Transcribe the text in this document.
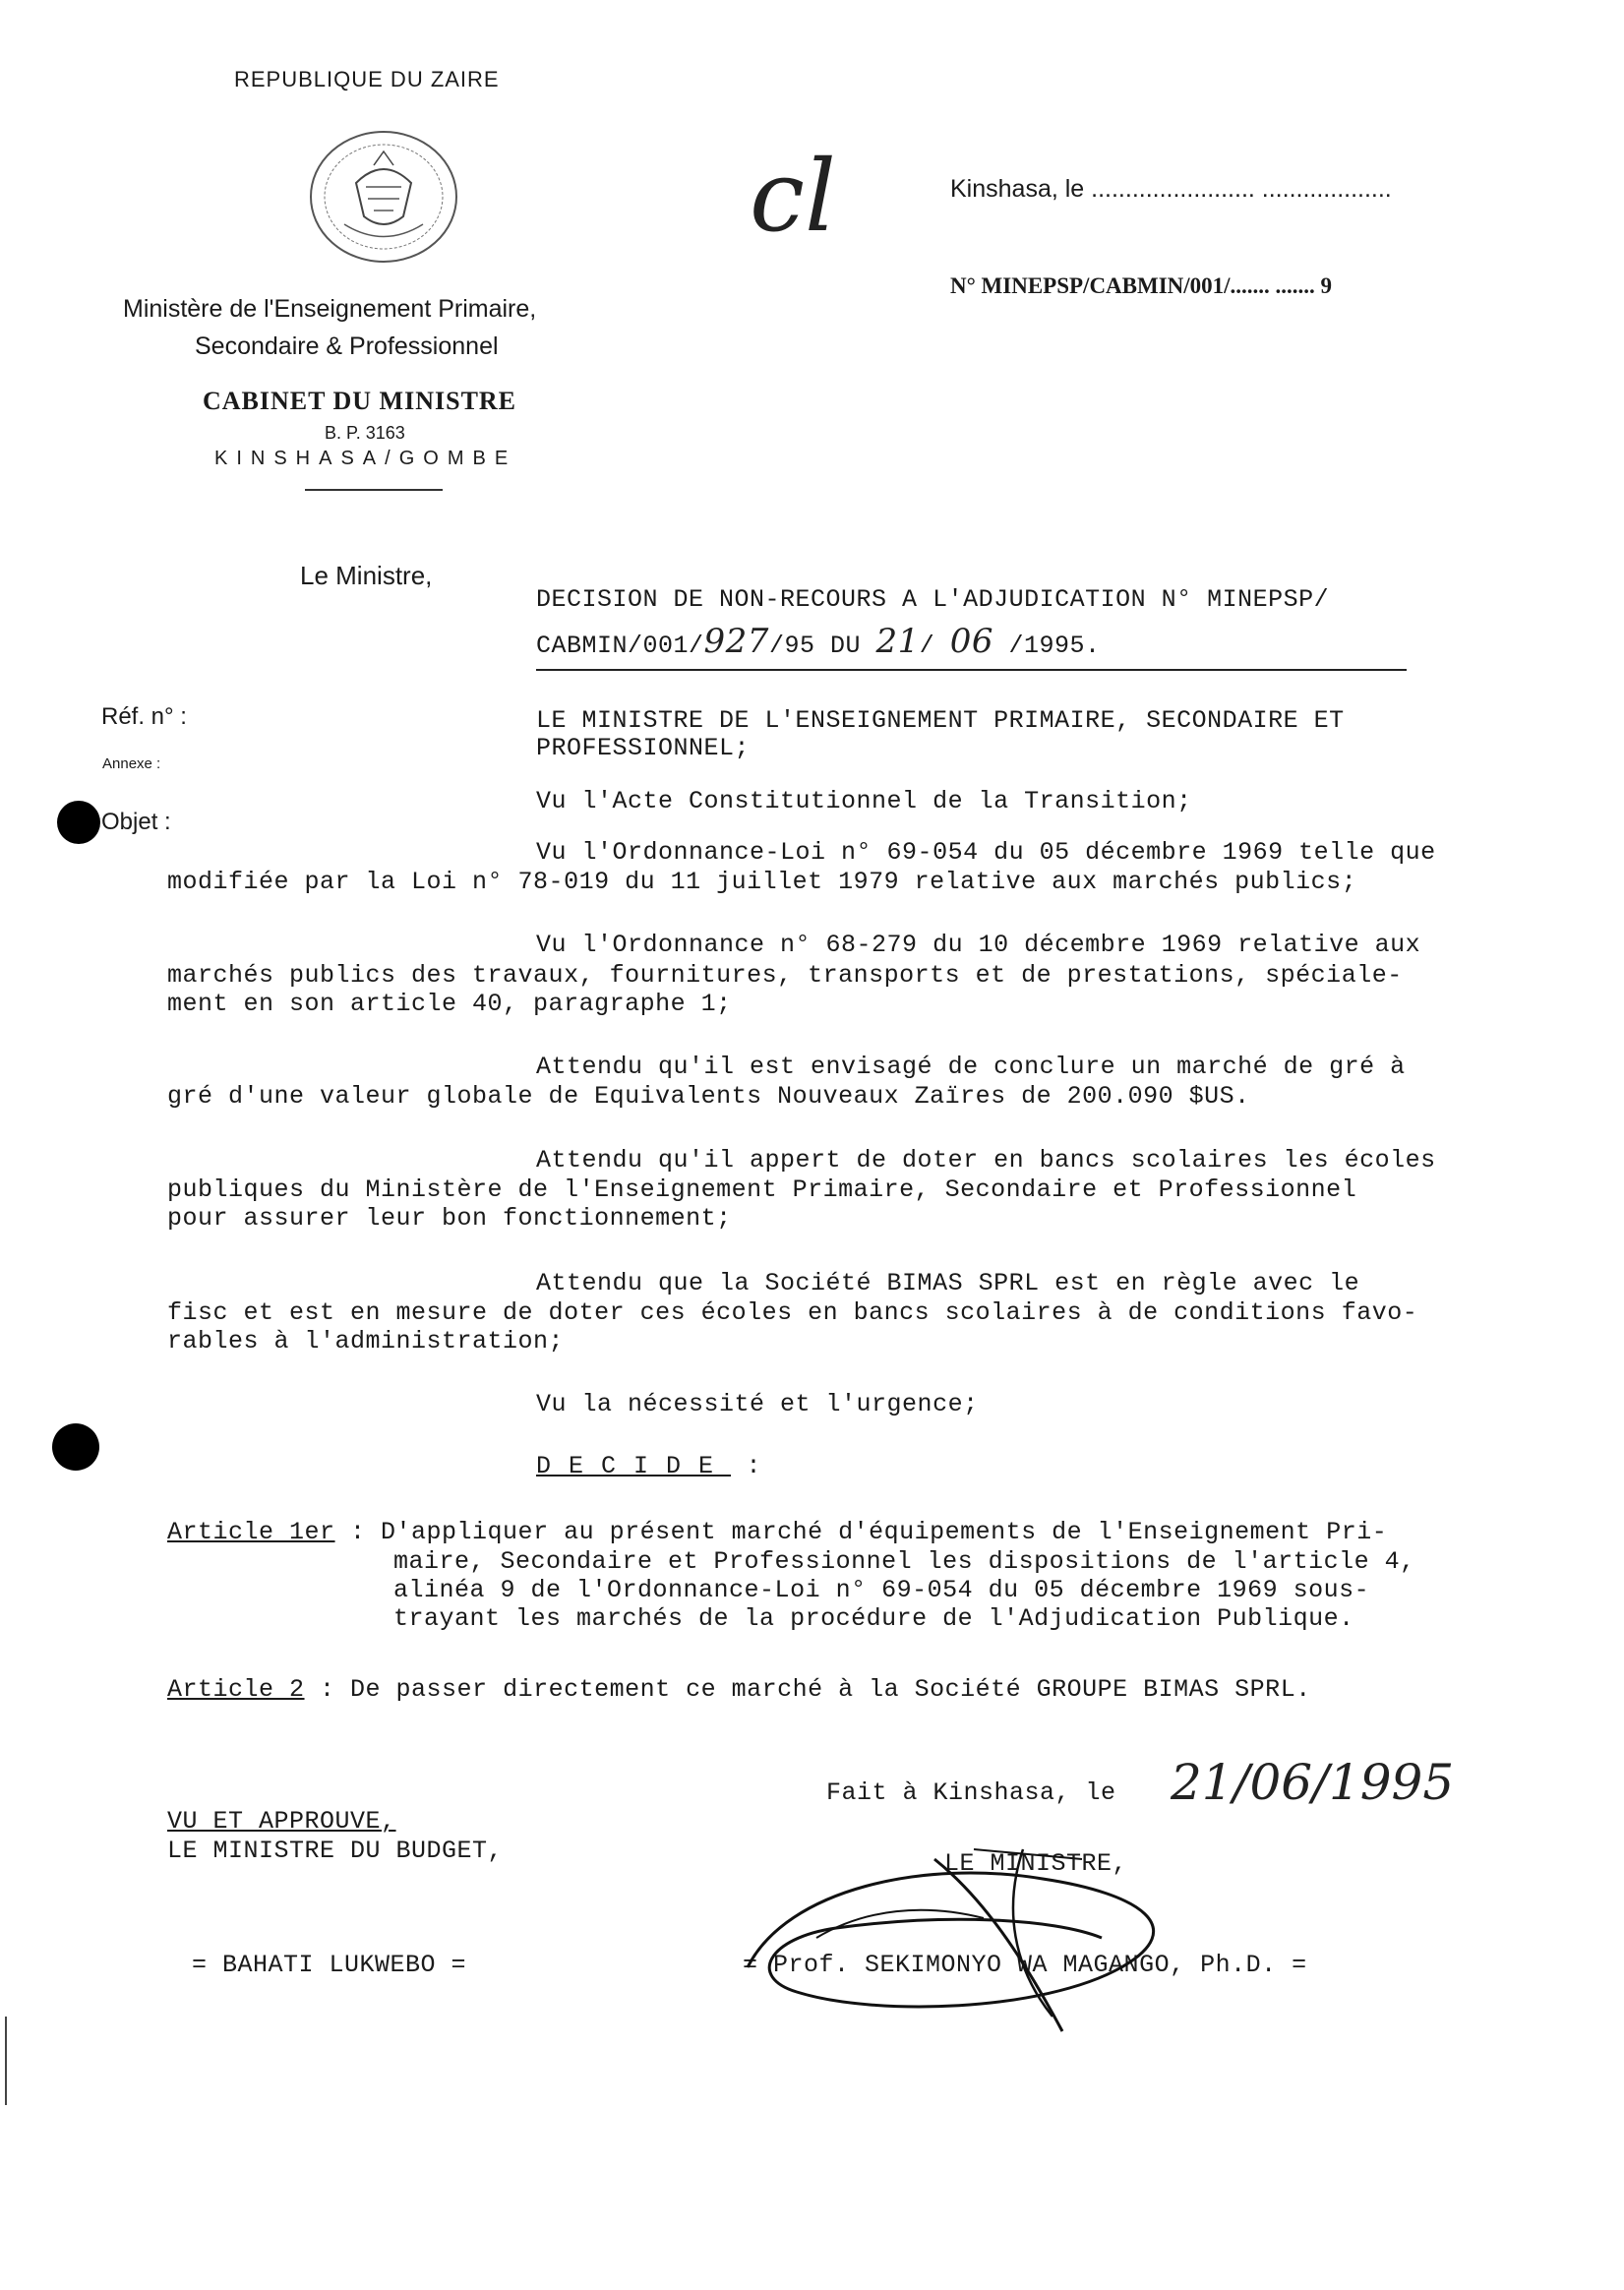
REPUBLIQUE DU ZAIRE
Ministère de l'Enseignement Primaire,
Secondaire & Professionnel
CABINET DU MINISTRE
B. P. 3163
KINSHASA/GOMBE
cl	Kinshasa, le ........................ ...................
N° MINEPSP/CABMIN/001/....... ....... 9
Le Ministre,
DECISION DE NON-RECOURS A L'ADJUDICATION N° MINEPSP/
CABMIN/001/927/95 DU 21/ 06 /1995.
Réf. n° :
Annexe :
Objet :
LE MINISTRE DE L'ENSEIGNEMENT PRIMAIRE, SECONDAIRE ET
PROFESSIONNEL;
Vu l'Acte Constitutionnel de la Transition;
Vu l'Ordonnance-Loi n° 69-054 du 05 décembre 1969 telle que
modifiée par la Loi n° 78-019 du 11 juillet 1979 relative aux marchés publics;
Vu l'Ordonnance n° 68-279 du 10 décembre 1969 relative aux
marchés publics des travaux, fournitures, transports et de prestations, spéciale-
ment en son article 40, paragraphe 1;
Attendu qu'il est envisagé de conclure un marché de gré à
gré d'une valeur globale de Equivalents Nouveaux Zaïres de 200.090 $US.
Attendu qu'il appert de doter en bancs scolaires les écoles
publiques du Ministère de l'Enseignement Primaire, Secondaire et Professionnel
pour assurer leur bon fonctionnement;
Attendu que la Société BIMAS SPRL est en règle avec le
fisc et est en mesure de doter ces écoles en bancs scolaires à de conditions favo-
rables à l'administration;
Vu la nécessité et l'urgence;
DECIDE :
Article 1er : D'appliquer au présent marché d'équipements de l'Enseignement Pri-
maire, Secondaire et Professionnel les dispositions de l'article 4,
alinéa 9 de l'Ordonnance-Loi n° 69-054 du 05 décembre 1969 sous-
trayant les marchés de la procédure de l'Adjudication Publique.
Article 2 : De passer directement ce marché à la Société GROUPE BIMAS SPRL.
Fait à Kinshasa, le 21/06/1995
VU ET APPROUVE,
LE MINISTRE DU BUDGET,
= BAHATI LUKWEBO =
LE MINISTRE,
= Prof. SEKIMONYO WA MAGANGO, Ph.D. =
